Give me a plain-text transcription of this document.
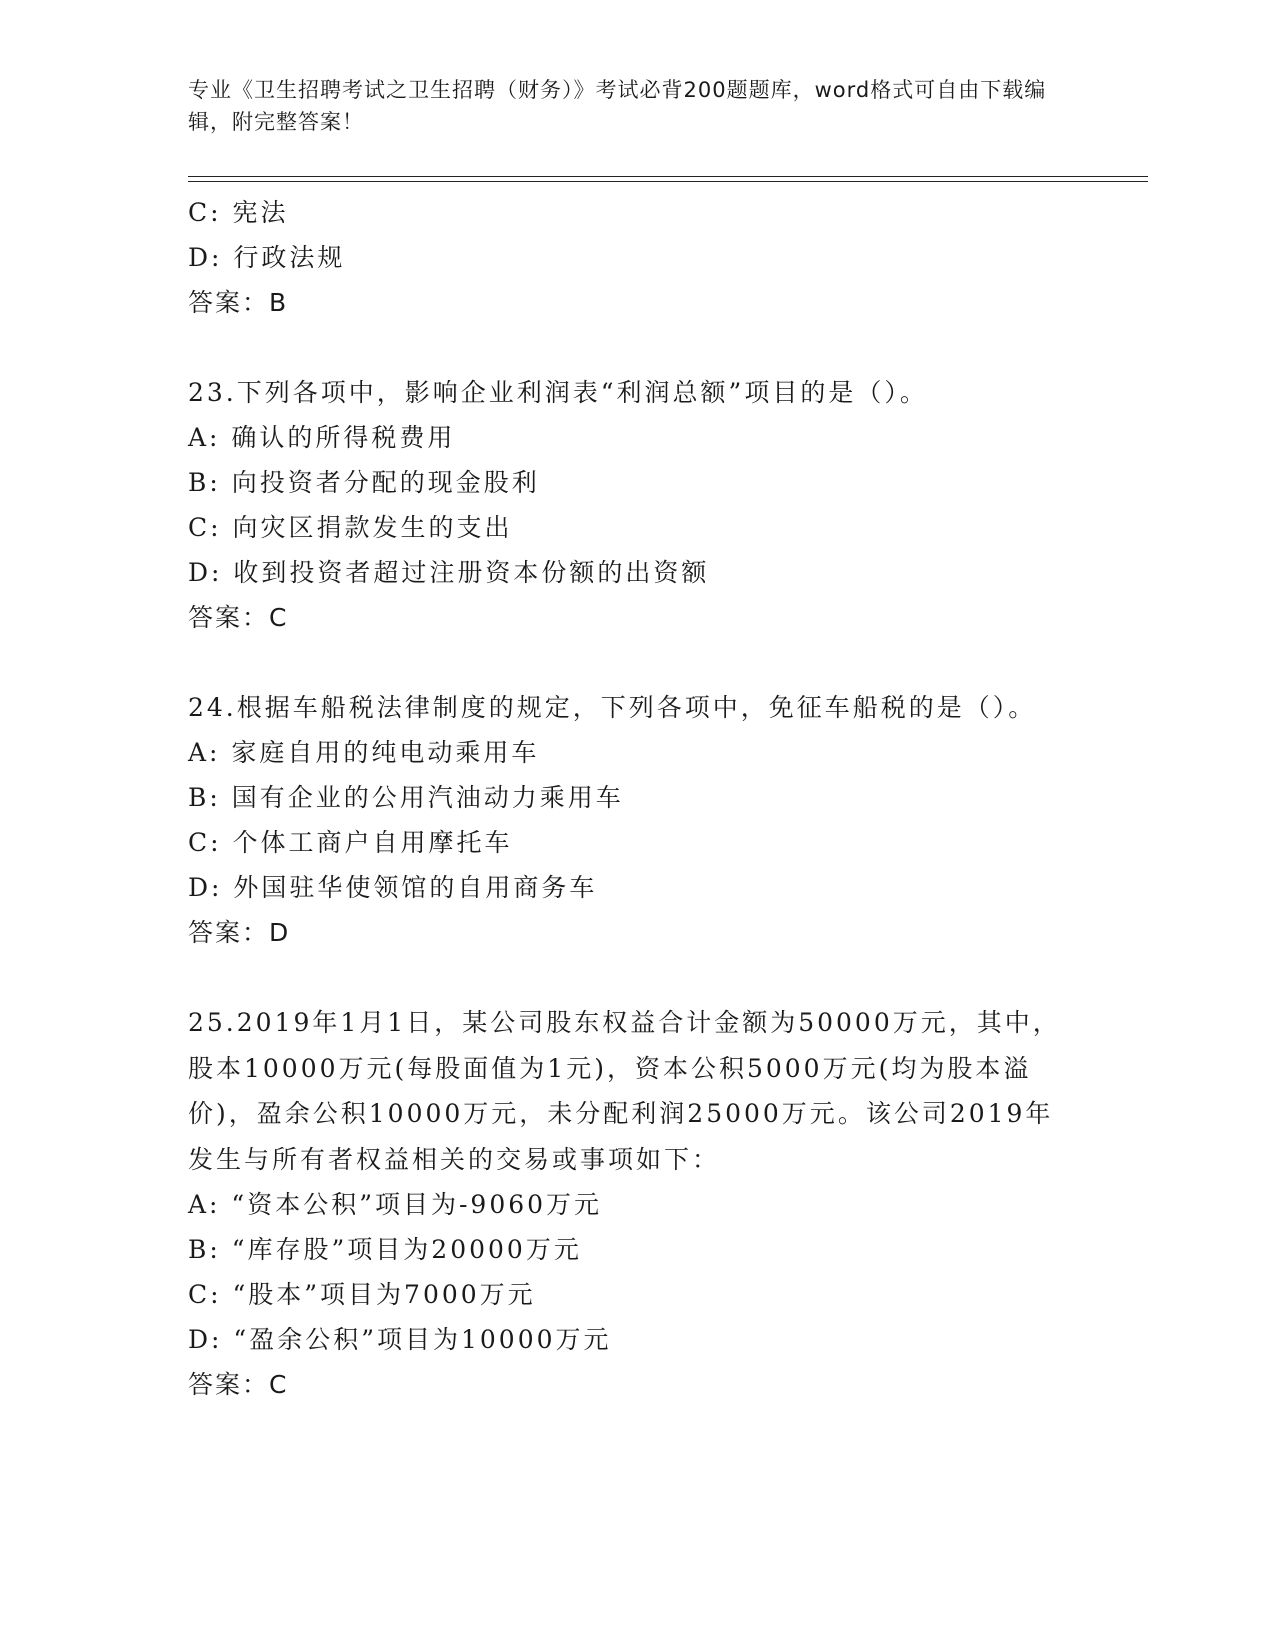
专业《卫生招聘考试之卫生招聘（财务）》考试必背200题题库，word格式可自由下载编辑，附完整答案！
C: 宪法
D: 行政法规
答案：B
23.下列各项中，影响企业利润表“利润总额”项目的是（）。
A: 确认的所得税费用
B: 向投资者分配的现金股利
C: 向灾区捐款发生的支出
D: 收到投资者超过注册资本份额的出资额
答案：C
24.根据车船税法律制度的规定，下列各项中，免征车船税的是（）。
A: 家庭自用的纯电动乘用车
B: 国有企业的公用汽油动力乘用车
C: 个体工商户自用摩托车
D: 外国驻华使领馆的自用商务车
答案：D
25.2019年1月1日，某公司股东权益合计金额为50000万元，其中，股本10000万元(每股面值为1元)，资本公积5000万元(均为股本溢价)，盈余公积10000万元，未分配利润25000万元。该公司2019年发生与所有者权益相关的交易或事项如下：
A: “资本公积”项目为-9060万元
B: “库存股”项目为20000万元
C: “股本”项目为7000万元
D: “盈余公积”项目为10000万元
答案：C
